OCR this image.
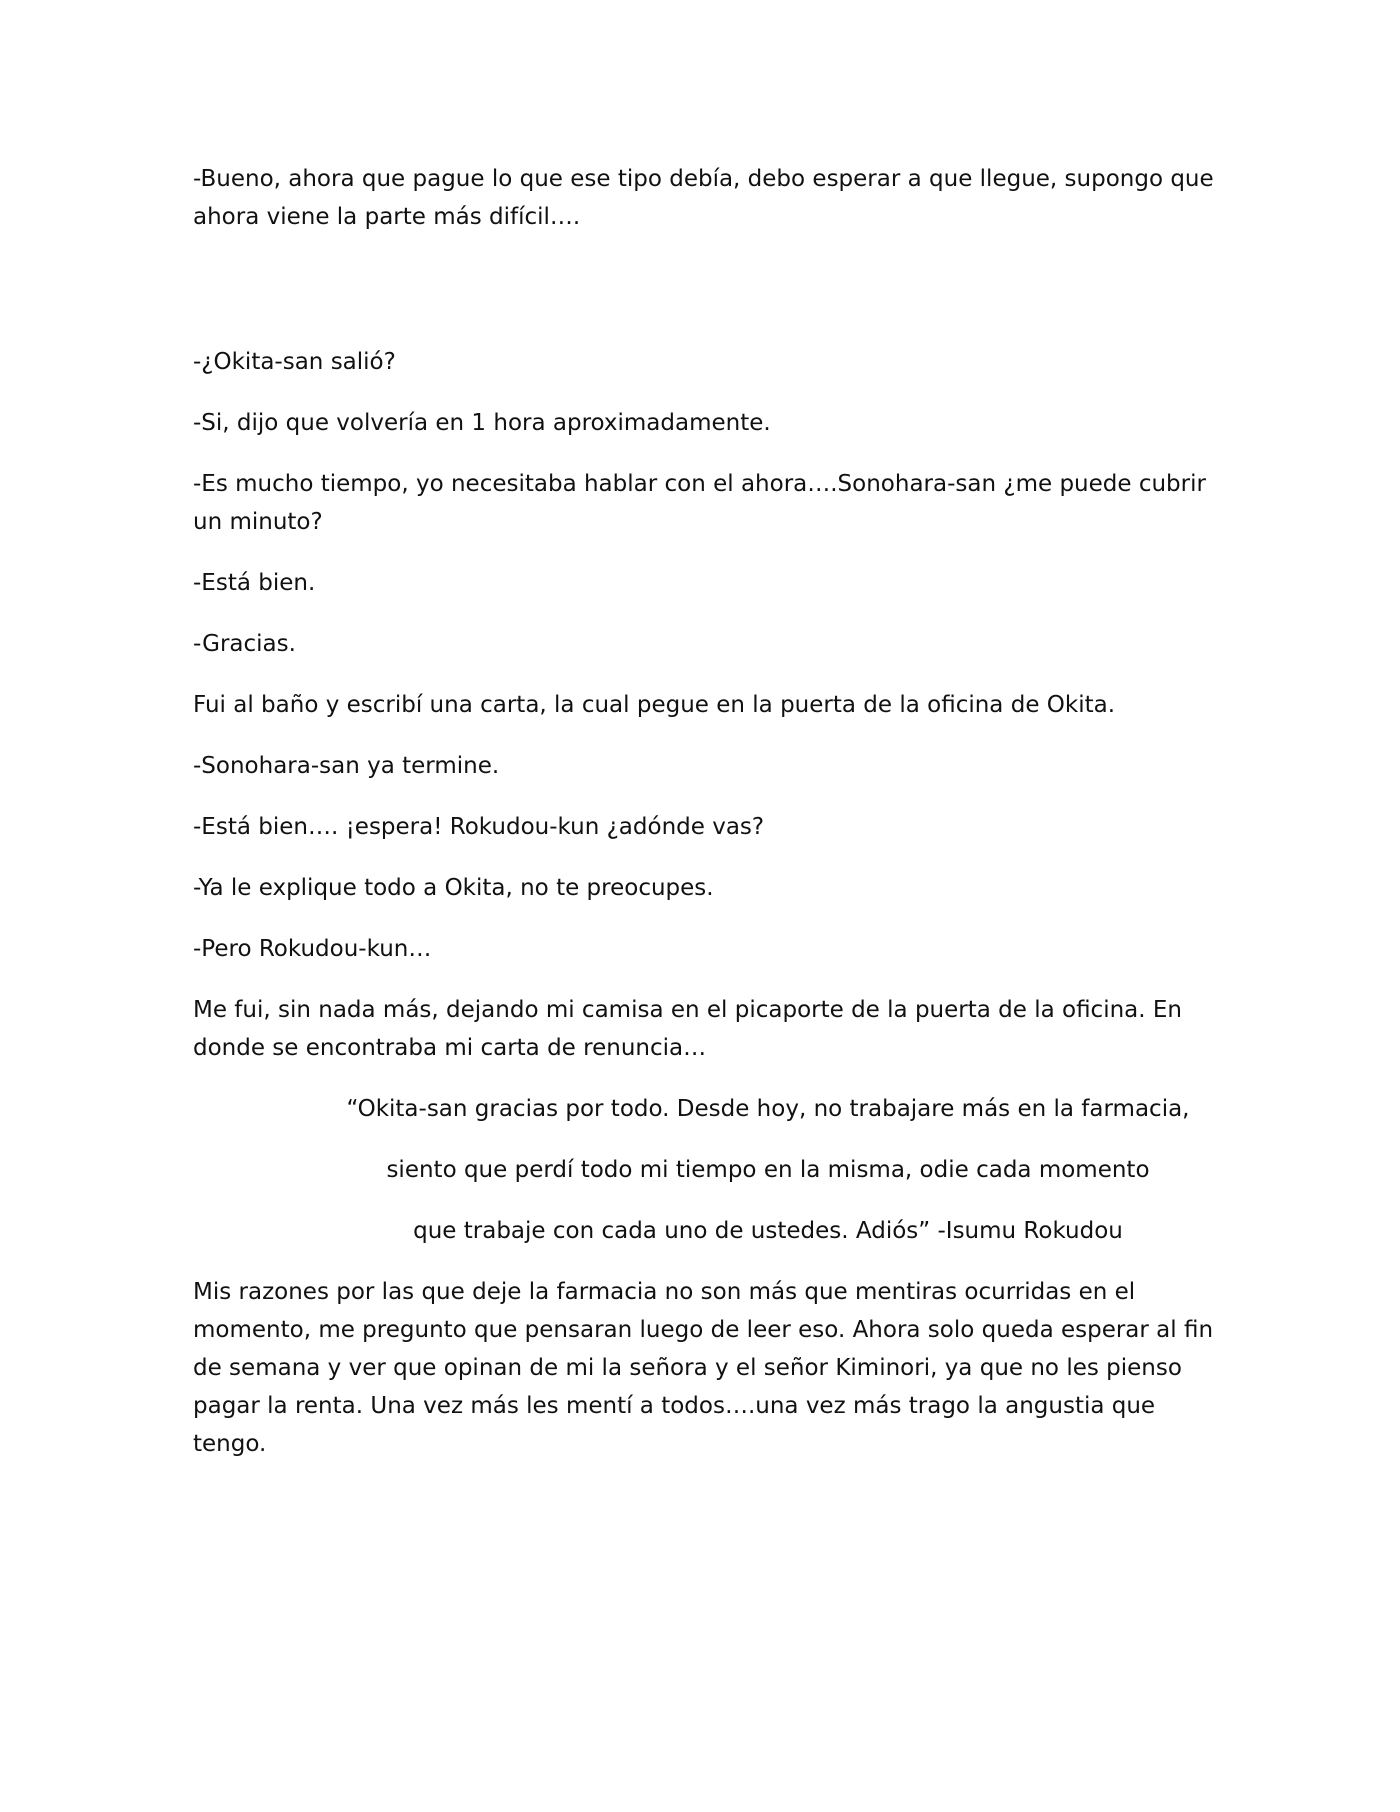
-Bueno, ahora que pague lo que ese tipo debía, debo esperar a que llegue, supongo que ahora viene la parte más difícil….

-¿Okita-san salió?

-Si, dijo que volvería en 1 hora aproximadamente.

-Es mucho tiempo, yo necesitaba hablar con el ahora….Sonohara-san ¿me puede cubrir un minuto?

-Está bien.

-Gracias.

Fui al baño y escribí una carta, la cual pegue en la puerta de la oficina de Okita.

-Sonohara-san ya termine.

-Está bien…. ¡espera! Rokudou-kun ¿adónde vas?

-Ya le explique todo a Okita, no te preocupes.

-Pero Rokudou-kun…

Me fui, sin nada más, dejando mi camisa en el picaporte de la puerta de la oficina. En donde se encontraba mi carta de renuncia…

“Okita-san gracias por todo. Desde hoy, no trabajare más en la farmacia,

siento que perdí todo mi tiempo en la misma, odie cada momento

que trabaje con cada uno de ustedes. Adiós” -Isumu Rokudou

Mis razones por las que deje la farmacia no son más que mentiras ocurridas en el momento, me pregunto que pensaran luego de leer eso. Ahora solo queda esperar al fin de semana y ver que opinan de mi la señora y el señor Kiminori, ya que no les pienso pagar la renta. Una vez más les mentí a todos….una vez más trago la angustia que tengo.
